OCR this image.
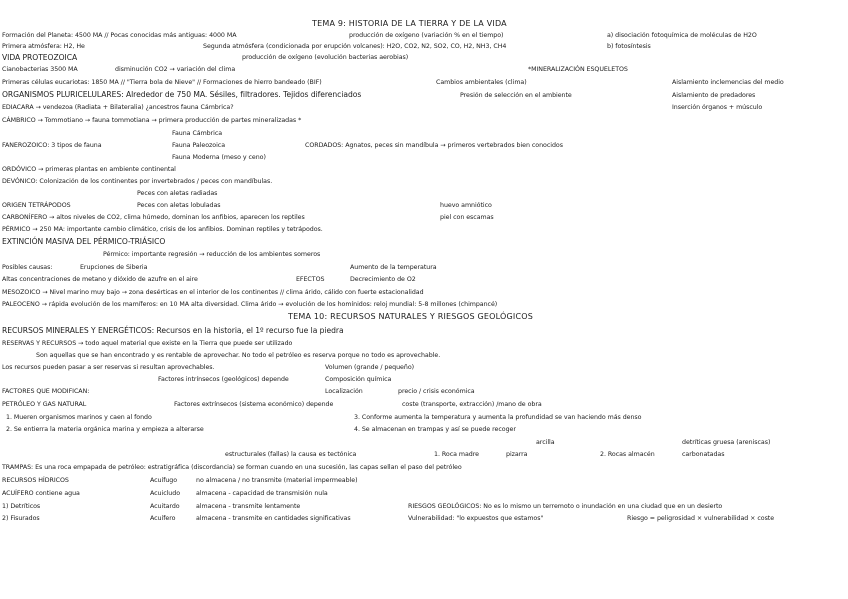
TEMA 9: HISTORIA DE LA TIERRA Y DE LA VIDA
Formación del Planeta: 4500 MA // Pocas conocidas más antiguas: 4000 MA	producción de oxígeno (variación % en el tiempo)	a) disociación fotoquímica de moléculas de H2O
Primera atmósfera: H2, He	Segunda atmósfera (condicionada por erupción volcanes): H2O, CO2, N2, SO2, CO, H2, NH3, CH4	b) fotosíntesis
VIDA PROTEOZOICA	producción de oxígeno (evolución bacterias aerobias)
Cianobacterias 3500 MA	disminución CO2 → variación del clima	*MINERALIZACIÓN ESQUELETOS
Primeras células eucariotas: 1850 MA // "Tierra bola de Nieve" // Formaciones de hierro bandeado (BIF)	Cambios ambientales (clima)	Aislamiento inclemencias del medio
ORGANISMOS PLURICELULARES: Alrededor de 750 MA. Sésiles, filtradores. Tejidos diferenciados	Presión de selección en el ambiente	Aislamiento de predadores
EDIACARA → vendezoa (Radiata + Bilateralia) ¿ancestros fauna Cámbrica?	Inserción órganos + músculo
CÁMBRICO → Tommotiano → fauna tommotiana → primera producción de partes mineralizadas *
Fauna Cámbrica
FANEROZOICO: 3 tipos de fauna	Fauna Paleozoica	CORDADOS: Agnatos, peces sin mandíbula → primeros vertebrados bien conocidos
Fauna Moderna (meso y ceno)
ORDÓVICO → primeras plantas en ambiente continental
DEVÓNICO: Colonización de los continentes por invertebrados / peces con mandíbulas.
Peces con aletas radiadas
ORIGEN TETRÁPODOS	Peces con aletas lobuladas	huevo amniótico
CARBONÍFERO → altos niveles de CO2, clima húmedo, dominan los anfibios, aparecen los reptiles	piel con escamas
PÉRMICO → 250 MA: importante cambio climático, crisis de los anfibios. Dominan reptiles y tetrápodos.
EXTINCIÓN MASIVA DEL PÉRMICO-TRIÁSICO
Pérmico: importante regresión → reducción de los ambientes someros
Posibles causas:	Erupciones de Siberia	Aumento de la temperatura
Altas concentraciones de metano y dióxido de azufre en el aire	EFECTOS	Decrecimiento de O2
MESOZOICO → Nivel marino muy bajo → zona desérticas en el interior de los continentes // clima árido, cálido con fuerte estacionalidad
PALEOCENO → rápida evolución de los mamíferos: en 10 MA alta diversidad. Clima árido → evolución de los homínidos: reloj mundial: 5-8 millones (chimpancé)
TEMA 10: RECURSOS NATURALES Y RIESGOS GEOLÓGICOS
RECURSOS MINERALES Y ENERGÉTICOS: Recursos en la historia, el 1º recurso fue la piedra
RESERVAS Y RECURSOS → todo aquel material que existe en la Tierra que puede ser utilizado
Son aquellas que se han encontrado y es rentable de aprovechar. No todo el petróleo es reserva porque no todo es aprovechable.
Los recursos pueden pasar a ser reservas si resultan aprovechables.	Volumen (grande / pequeño)
Factores intrínsecos (geológicos) depende	Composición química
FACTORES QUE MODIFICAN:	Localización	precio / crisis económica
PETRÓLEO Y GAS NATURAL	Factores extrínsecos (sistema económico) depende	coste (transporte, extracción) /mano de obra
1. Mueren organismos marinos y caen al fondo	3. Conforme aumenta la temperatura y aumenta la profundidad se van haciendo más denso
2. Se entierra la materia orgánica marina y empieza a alterarse	4. Se almacenan en trampas y así se puede recoger
arcilla	detríticas gruesa (areniscas)
estructurales (fallas) la causa es tectónica	1. Roca madre	pizarra	2. Rocas almacén	carbonatadas
TRAMPAS: Es una roca empapada de petróleo: estratigráfica (discordancia) se forman cuando en una sucesión, las capas sellan el paso del petróleo
RECURSOS HÍDRICOS	Acuífugo	no almacena / no transmite (material impermeable)
ACUÍFERO contiene agua	Acuicludo	almacena - capacidad de transmisión nula
1) Detríticos	Acuitardo	almacena - transmite lentamente	RIESGOS GEOLÓGICOS: No es lo mismo un terremoto o inundación en una ciudad que en un desierto
2) Fisurados	Acuífero	almacena - transmite en cantidades significativas	Vulnerabilidad: "lo expuestos que estamos"	Riesgo = peligrosidad × vulnerabilidad × coste
